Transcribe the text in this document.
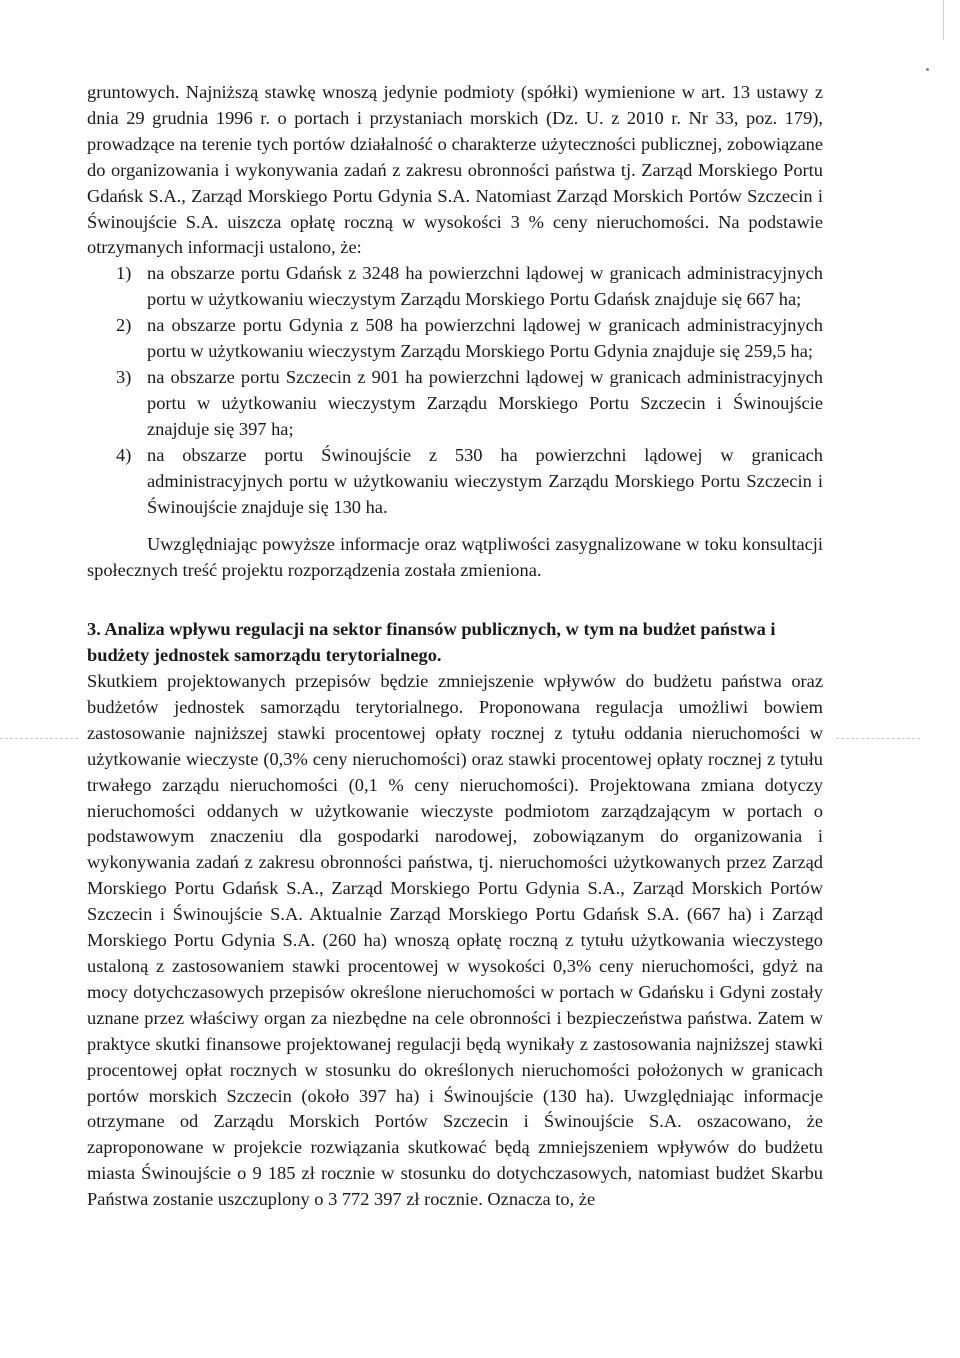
gruntowych. Najniższą stawkę wnoszą jedynie podmioty (spółki) wymienione w art. 13 ustawy z dnia 29 grudnia 1996 r. o portach i przystaniach morskich (Dz. U. z 2010 r. Nr 33, poz. 179), prowadzące na terenie tych portów działalność o charakterze użyteczności publicznej, zobowiązane do organizowania i wykonywania zadań z zakresu obronności państwa tj. Zarząd Morskiego Portu Gdańsk S.A., Zarząd Morskiego Portu Gdynia S.A. Natomiast Zarząd Morskich Portów Szczecin i Świnoujście S.A. uiszcza opłatę roczną w wysokości 3 % ceny nieruchomości. Na podstawie otrzymanych informacji ustalono, że:

1) na obszarze portu Gdańsk z 3248 ha powierzchni lądowej w granicach administracyjnych portu w użytkowaniu wieczystym Zarządu Morskiego Portu Gdańsk znajduje się 667 ha;
2) na obszarze portu Gdynia z 508 ha powierzchni lądowej w granicach administracyjnych portu w użytkowaniu wieczystym Zarządu Morskiego Portu Gdynia znajduje się 259,5 ha;
3) na obszarze portu Szczecin z 901 ha powierzchni lądowej w granicach administracyjnych portu w użytkowaniu wieczystym Zarządu Morskiego Portu Szczecin i Świnoujście znajduje się 397 ha;
4) na obszarze portu Świnoujście z 530 ha powierzchni lądowej w granicach administracyjnych portu w użytkowaniu wieczystym Zarządu Morskiego Portu Szczecin i Świnoujście znajduje się 130 ha.

Uwzględniając powyższe informacje oraz wątpliwości zasygnalizowane w toku konsultacji społecznych treść projektu rozporządzenia została zmieniona.

3. Analiza wpływu regulacji na sektor finansów publicznych, w tym na budżet państwa i budżety jednostek samorządu terytorialnego.

Skutkiem projektowanych przepisów będzie zmniejszenie wpływów do budżetu państwa oraz budżetów jednostek samorządu terytorialnego. Proponowana regulacja umożliwi bowiem zastosowanie najniższej stawki procentowej opłaty rocznej z tytułu oddania nieruchomości w użytkowanie wieczyste (0,3% ceny nieruchomości) oraz stawki procentowej opłaty rocznej z tytułu trwałego zarządu nieruchomości (0,1 % ceny nieruchomości). Projektowana zmiana dotyczy nieruchomości oddanych w użytkowanie wieczyste podmiotom zarządzającym w portach o podstawowym znaczeniu dla gospodarki narodowej, zobowiązanym do organizowania i wykonywania zadań z zakresu obronności państwa, tj. nieruchomości użytkowanych przez Zarząd Morskiego Portu Gdańsk S.A., Zarząd Morskiego Portu Gdynia S.A., Zarząd Morskich Portów Szczecin i Świnoujście S.A. Aktualnie Zarząd Morskiego Portu Gdańsk S.A. (667 ha) i Zarząd Morskiego Portu Gdynia S.A. (260 ha) wnoszą opłatę roczną z tytułu użytkowania wieczystego ustaloną z zastosowaniem stawki procentowej w wysokości 0,3% ceny nieruchomości, gdyż na mocy dotychczasowych przepisów określone nieruchomości w portach w Gdańsku i Gdyni zostały uznane przez właściwy organ za niezbędne na cele obronności i bezpieczeństwa państwa. Zatem w praktyce skutki finansowe projektowanej regulacji będą wynikały z zastosowania najniższej stawki procentowej opłat rocznych w stosunku do określonych nieruchomości położonych w granicach portów morskich Szczecin (około 397 ha) i Świnoujście (130 ha). Uwzględniając informacje otrzymane od Zarządu Morskich Portów Szczecin i Świnoujście S.A. oszacowano, że zaproponowane w projekcie rozwiązania skutkować będą zmniejszeniem wpływów do budżetu miasta Świnoujście o 9 185 zł rocznie w stosunku do dotychczasowych, natomiast budżet Skarbu Państwa zostanie uszczuplony o 3 772 397 zł rocznie. Oznacza to, że
